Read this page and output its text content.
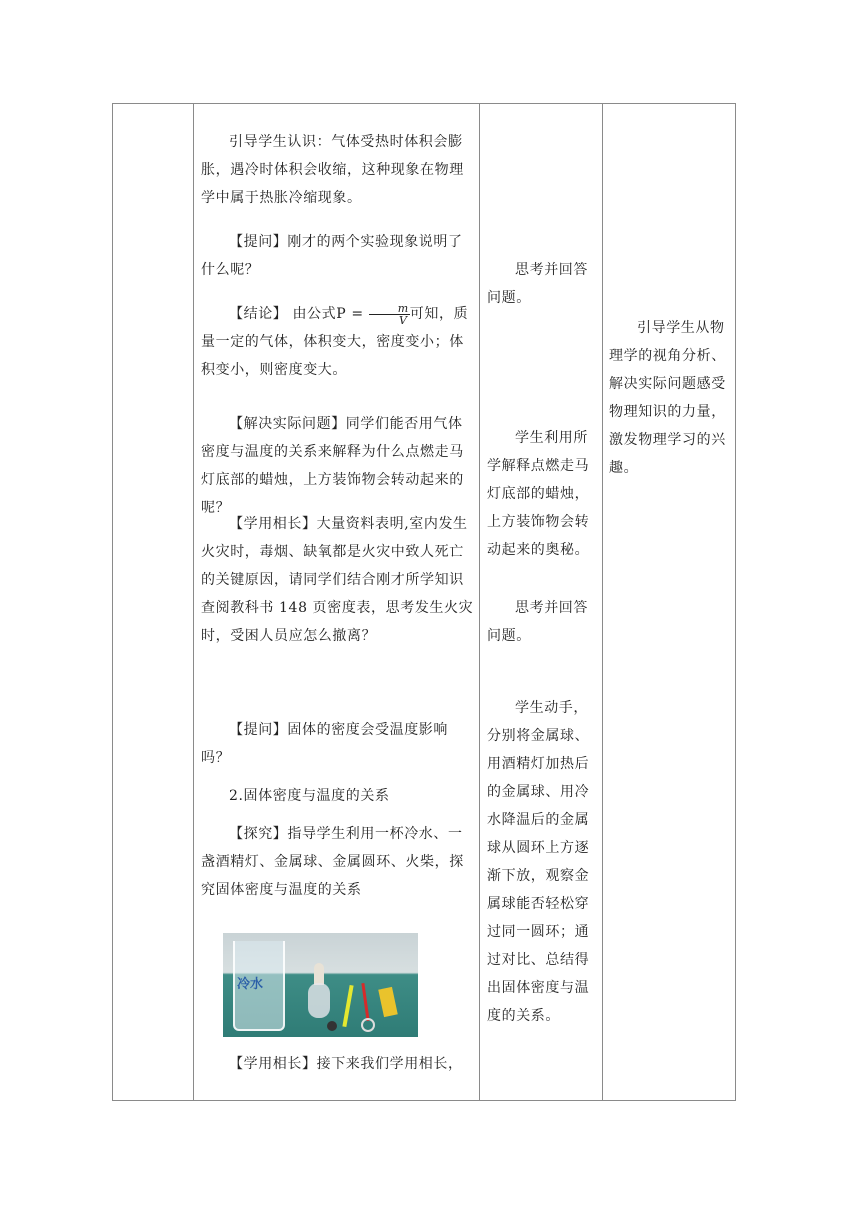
引导学生认识：气体受热时体积会膨胀，遇冷时体积会收缩，这种现象在物理学中属于热胀冷缩现象。

【提问】刚才的两个实验现象说明了什么呢？

【结论】 由公式$P = \frac{m}{V}$ 可知，质量一定的气体，体积变大，密度变小；体积变小，则密度变大。

【解决实际问题】同学们能否用气体密度与温度的关系来解释为什么点燃走马灯底部的蜡烛，上方装饰物会转动起来的呢？

【学用相长】大量资料表明,室内发生火灾时，毒烟、缺氧都是火灾中致人死亡的关键原因，请同学们结合刚才所学知识查阅教科书 148 页密度表，思考发生火灾时，受困人员应怎么撤离？

【提问】固体的密度会受温度影响吗？

2.固体密度与温度的关系

【探究】指导学生利用一杯冷水、一盏酒精灯、金属球、金属圆环、火柴，探究固体密度与温度的关系

冷水

【学用相长】接下来我们学用相长，

思考并回答问题。

学生利用所学解释点燃走马灯底部的蜡烛，上方装饰物会转动起来的奥秘。

思考并回答问题。

学生动手，分别将金属球、用酒精灯加热后的金属球、用冷水降温后的金属球从圆环上方逐渐下放，观察金属球能否轻松穿过同一圆环；通过对比、总结得出固体密度与温度的关系。

引导学生从物理学的视角分析、解决实际问题感受物理知识的力量，激发物理学习的兴趣。
